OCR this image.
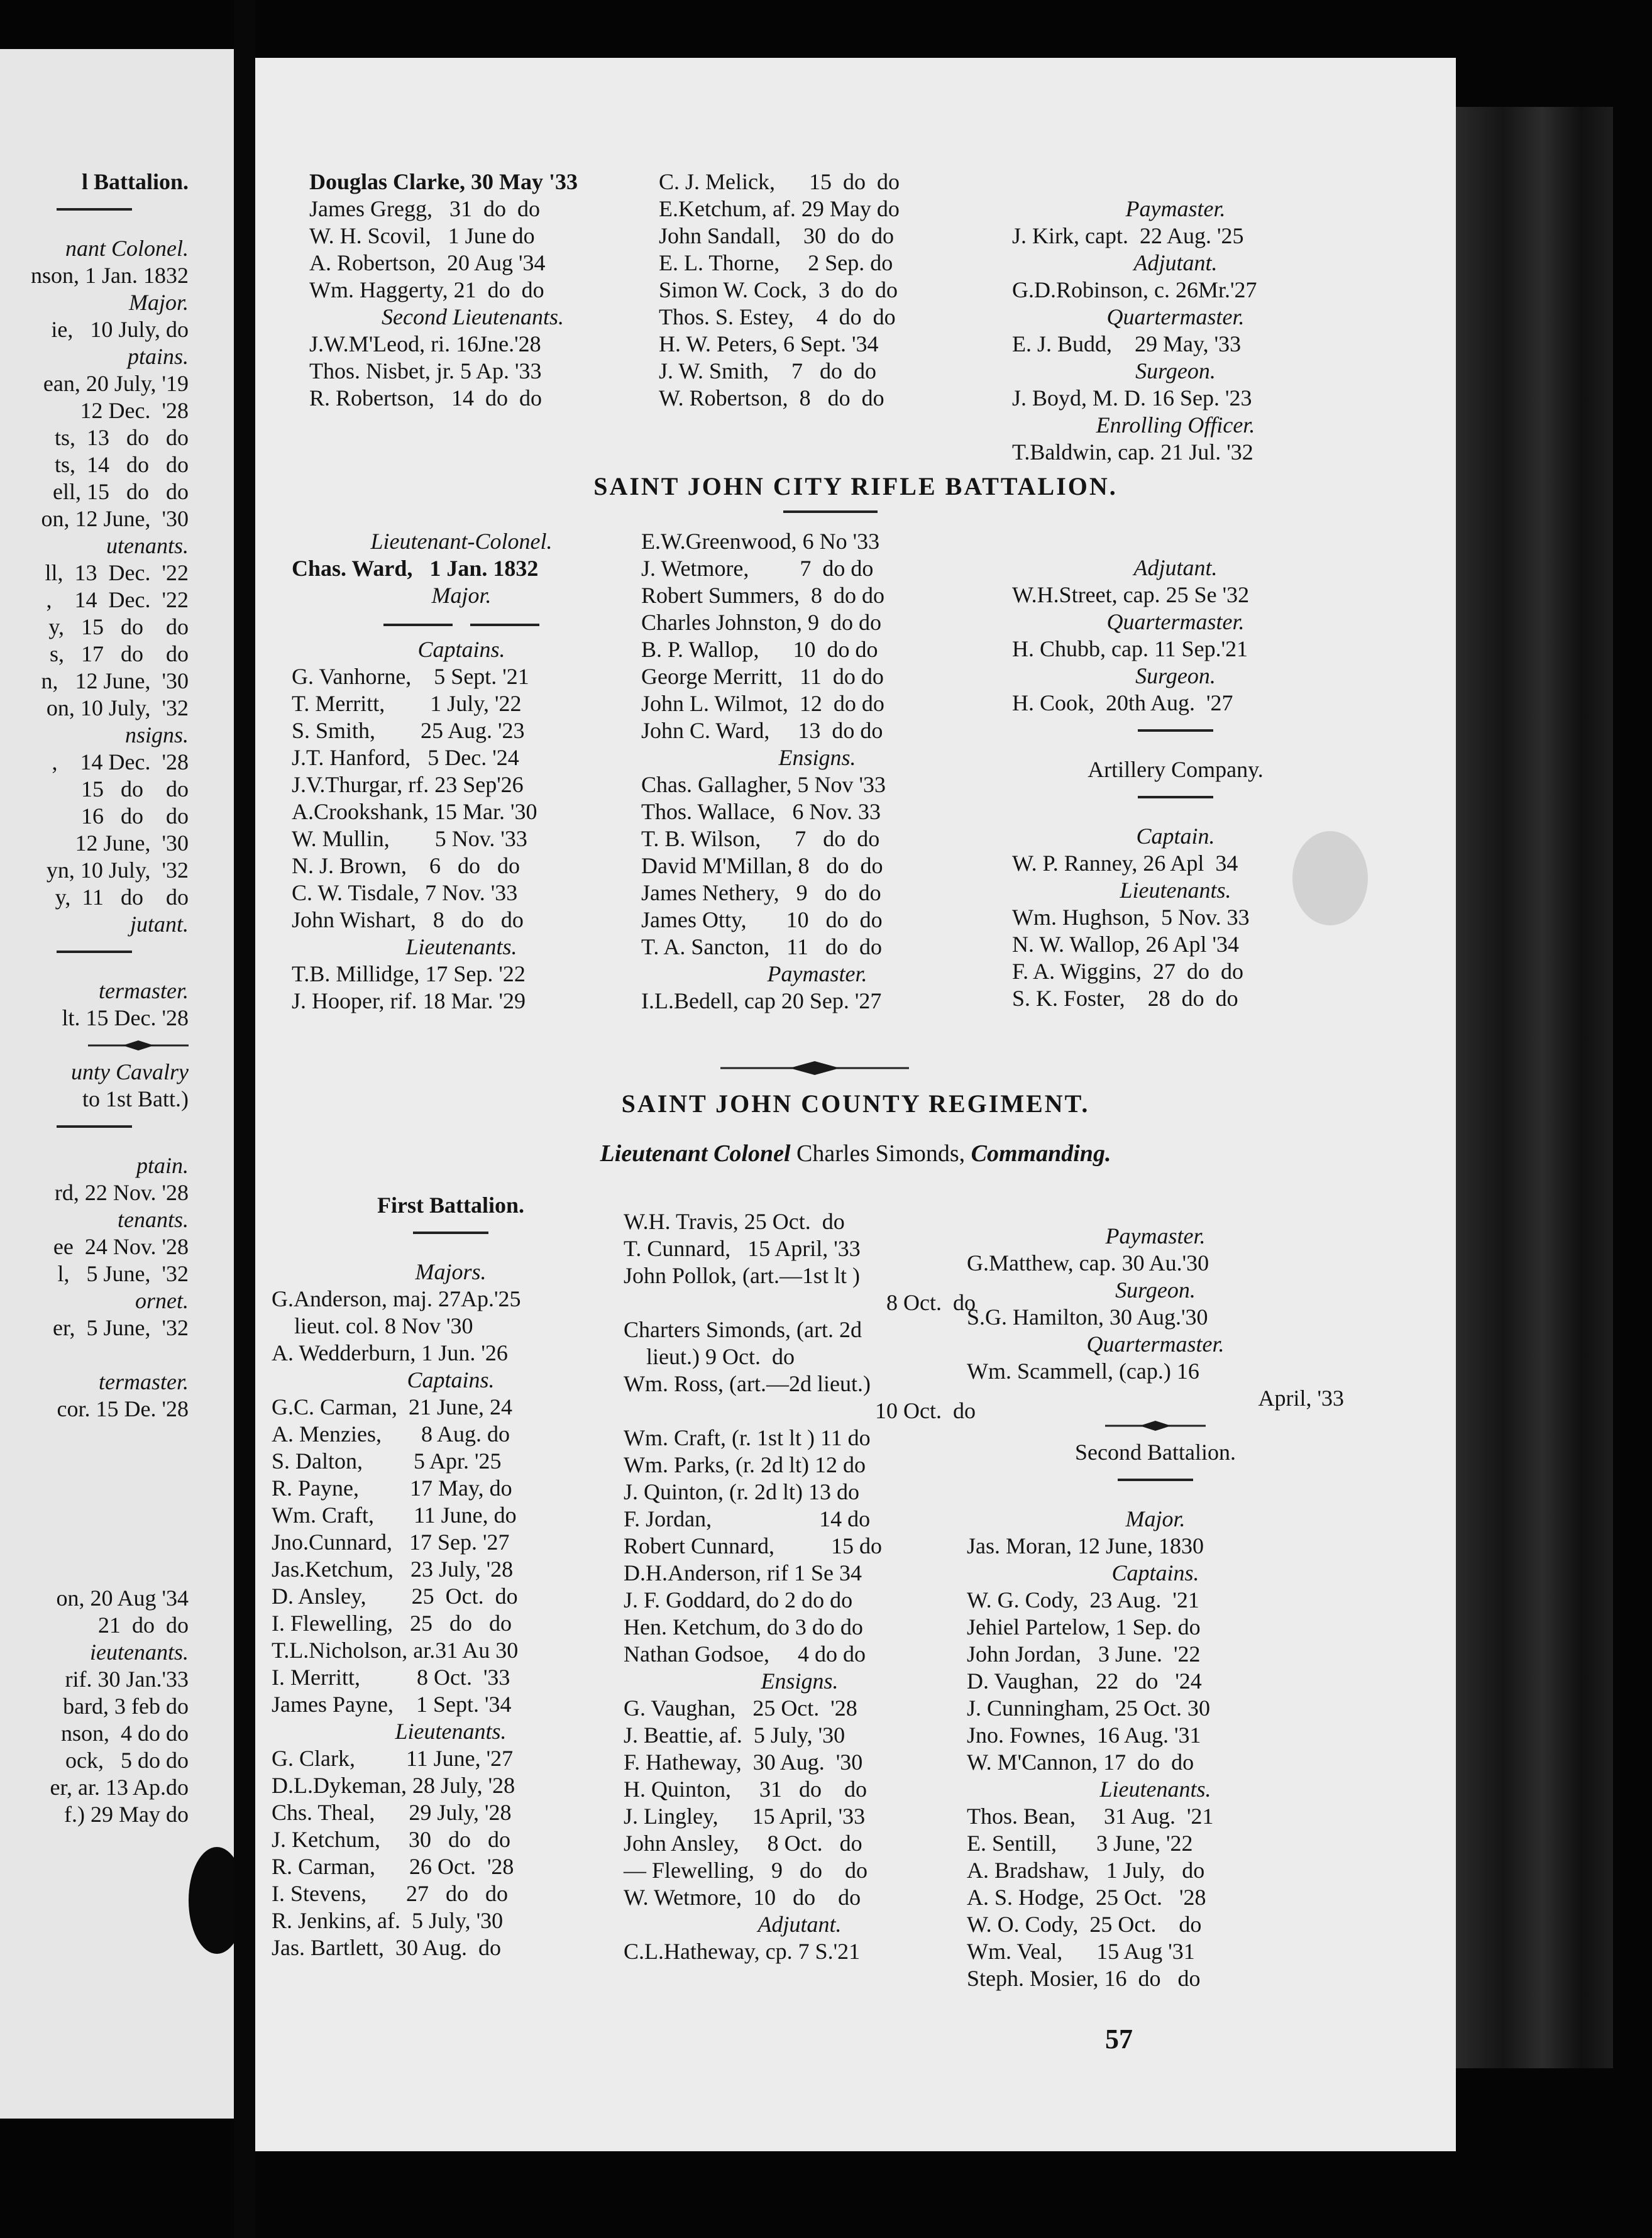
l Battalion.
nant Colonel.
nson, 1 Jan. 1832
Major.
ie,   10 July, do
ptains.
ean, 20 July, '19
12 Dec.  '28
ts,  13   do   do
ts,  14   do   do
ell, 15   do   do
on, 12 June,  '30
utenants.
ll,  13  Dec.  '22
,    14  Dec.  '22
y,   15   do    do
s,   17   do    do
n,   12 June,  '30
on, 10 July,  '32
nsigns.
,    14 Dec.  '28
15   do    do
16   do    do
12 June,  '30
yn, 10 July,  '32
y,  11   do    do
jutant.
termaster.
lt. 15 Dec. '28
unty Cavalry
to 1st Batt.)
ptain.
rd, 22 Nov. '28
tenants.
ee  24 Nov. '28
l,   5 June,  '32
ornet.
er,  5 June,  '32
termaster.
cor. 15 De. '28
on, 20 Aug '34
21  do  do
ieutenants.
rif. 30 Jan.'33
bard, 3 feb do
nson,  4 do do
ock,   5 do do
er, ar. 13 Ap.do
f.) 29 May do
Douglas Clarke, 30 May '33
James Gregg,   31  do  do
W. H. Scovil,   1 June do
A. Robertson,  20 Aug '34
Wm. Haggerty, 21  do  do
Second Lieutenants.
J.W.M'Leod, ri. 16Jne.'28
Thos. Nisbet, jr. 5 Ap. '33
R. Robertson,   14  do  do
C. J. Melick,      15  do  do
E.Ketchum, af. 29 May do
John Sandall,    30  do  do
E. L. Thorne,     2 Sep. do
Simon W. Cock,  3  do  do
Thos. S. Estey,    4  do  do
H. W. Peters, 6 Sept. '34
J. W. Smith,    7   do  do
W. Robertson,  8   do  do
Paymaster.
J. Kirk, capt.  22 Aug. '25
Adjutant.
G.D.Robinson, c. 26Mr.'27
Quartermaster.
E. J. Budd,    29 May, '33
Surgeon.
J. Boyd, M. D. 16 Sep. '23
Enrolling Officer.
T.Baldwin, cap. 21 Jul. '32
SAINT JOHN CITY RIFLE BATTALION.
Lieutenant-Colonel.
Chas. Ward,   1 Jan. 1832
Major.
Captains.
G. Vanhorne,    5 Sept. '21
T. Merritt,        1 July, '22
S. Smith,        25 Aug. '23
J.T. Hanford,   5 Dec. '24
J.V.Thurgar, rf. 23 Sep'26
A.Crookshank, 15 Mar. '30
W. Mullin,        5 Nov. '33
N. J. Brown,    6   do   do
C. W. Tisdale, 7 Nov. '33
John Wishart,   8   do   do
Lieutenants.
T.B. Millidge, 17 Sep. '22
J. Hooper, rif. 18 Mar. '29
E.W.Greenwood, 6 No '33
J. Wetmore,         7  do do
Robert Summers,  8  do do
Charles Johnston, 9  do do
B. P. Wallop,      10  do do
George Merritt,   11  do do
John L. Wilmot,  12  do do
John C. Ward,     13  do do
Ensigns.
Chas. Gallagher, 5 Nov '33
Thos. Wallace,   6 Nov. 33
T. B. Wilson,      7   do  do
David M'Millan, 8   do  do
James Nethery,   9   do  do
James Otty,       10   do  do
T. A. Sancton,   11   do  do
Paymaster.
I.L.Bedell, cap 20 Sep. '27
Adjutant.
W.H.Street, cap. 25 Se '32
Quartermaster.
H. Chubb, cap. 11 Sep.'21
Surgeon.
H. Cook,  20th Aug.  '27
Artillery Company.
Captain.
W. P. Ranney, 26 Apl  34
Lieutenants.
Wm. Hughson,  5 Nov. 33
N. W. Wallop, 26 Apl '34
F. A. Wiggins,  27  do  do
S. K. Foster,    28  do  do
SAINT JOHN COUNTY REGIMENT.
Lieutenant Colonel Charles Simonds, Commanding.
First Battalion.
Majors.
G.Anderson, maj. 27Ap.'25
lieut. col. 8 Nov '30
A. Wedderburn, 1 Jun. '26
Captains.
G.C. Carman,  21 June, 24
A. Menzies,       8 Aug. do
S. Dalton,         5 Apr. '25
R. Payne,         17 May, do
Wm. Craft,       11 June, do
Jno.Cunnard,   17 Sep. '27
Jas.Ketchum,   23 July, '28
D. Ansley,        25  Oct.  do
I. Flewelling,   25   do   do
T.L.Nicholson, ar.31 Au 30
I. Merritt,          8 Oct.  '33
James Payne,    1 Sept. '34
Lieutenants.
G. Clark,         11 June, '27
D.L.Dykeman, 28 July, '28
Chs. Theal,      29 July, '28
J. Ketchum,     30   do   do
R. Carman,      26 Oct.  '28
I. Stevens,       27   do   do
R. Jenkins, af.  5 July, '30
Jas. Bartlett,  30 Aug.  do
W.H. Travis, 25 Oct.  do
T. Cunnard,   15 April, '33
John Pollok, (art.—1st lt )
8 Oct.  do
Charters Simonds, (art. 2d
lieut.) 9 Oct.  do
Wm. Ross, (art.—2d lieut.)
10 Oct.  do
Wm. Craft, (r. 1st lt ) 11 do
Wm. Parks, (r. 2d lt) 12 do
J. Quinton, (r. 2d lt) 13 do
F. Jordan,                   14 do
Robert Cunnard,          15 do
D.H.Anderson, rif 1 Se 34
J. F. Goddard, do 2 do do
Hen. Ketchum, do 3 do do
Nathan Godsoe,     4 do do
Ensigns.
G. Vaughan,   25 Oct.  '28
J. Beattie, af.  5 July, '30
F. Hatheway,  30 Aug.  '30
H. Quinton,     31   do    do
J. Lingley,      15 April, '33
John Ansley,     8 Oct.   do
— Flewelling,   9   do    do
W. Wetmore,  10   do    do
Adjutant.
C.L.Hatheway, cp. 7 S.'21
Paymaster.
G.Matthew, cap. 30 Au.'30
Surgeon.
S.G. Hamilton, 30 Aug.'30
Quartermaster.
Wm. Scammell, (cap.) 16
April, '33
Second Battalion.
Major.
Jas. Moran, 12 June, 1830
Captains.
W. G. Cody,  23 Aug.  '21
Jehiel Partelow, 1 Sep. do
John Jordan,   3 June.  '22
D. Vaughan,   22   do   '24
J. Cunningham, 25 Oct. 30
Jno. Fownes,  16 Aug. '31
W. M'Cannon, 17  do  do
Lieutenants.
Thos. Bean,     31 Aug.  '21
E. Sentill,       3 June, '22
A. Bradshaw,   1 July,   do
A. S. Hodge,  25 Oct.   '28
W. O. Cody,  25 Oct.    do
Wm. Veal,      15 Aug '31
Steph. Mosier, 16  do   do
57
